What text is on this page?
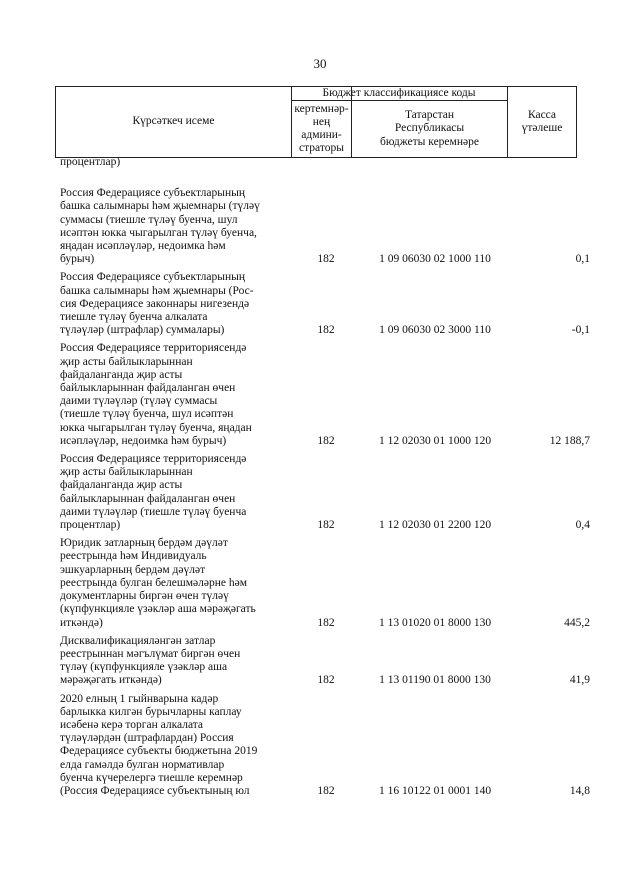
30
Күрсәткеч исеме
Бюджет классификациясе коды
кертемнәр-
нең
админи-
страторы
Татарстан
Республикасы
бюджеты керемнәре
Касса
үтәлеше
процентлар)
Россия Федерациясе субъектларының
башка салымнары һәм җыемнары (түләү
суммасы (тиешле түләү буенча, шул
исәптән юкка чыгарылган түләү буенча,
яңадан исәпләүләр, недоимка һәм
бурыч)	182	1 09 06030 02 1000 110	0,1
Россия Федерациясе субъектларының
башка салымнары һәм җыемнары (Рос-
сия Федерациясе законнары нигезендә
тиешле түләү буенча алкалата
түләүләр (штрафлар) суммалары)	182	1 09 06030 02 3000 110	-0,1
Россия Федерациясе территориясендә
җир асты байлыкларыннан
файдаланганда җир асты
байлыкларыннан файдаланган өчен
даими түләүләр (түләү суммасы
(тиешле түләү буенча, шул исәптән
юкка чыгарылган түләү буенча, яңадан
исәпләүләр, недоимка һәм бурыч)	182	1 12 02030 01 1000 120	12 188,7
Россия Федерациясе территориясендә
җир асты байлыкларыннан
файдаланганда җир асты
байлыкларыннан файдаланган өчен
даими түләүләр (тиешле түләү буенча
процентлар)	182	1 12 02030 01 2200 120	0,4
Юридик затларның бердәм дәүләт
реестрында һәм Индивидуаль
эшкуарларның бердәм дәүләт
реестрында булган белешмәләрне һәм
документларны биргән өчен түләү
(күпфункцияле үзәкләр аша мәрәҗәгать
иткәндә)	182	1 13 01020 01 8000 130	445,2
Дисквалификацияләнгән затлар
реестрыннан мәгълүмат биргән өчен
түләү (күпфункцияле үзәкләр аша
мәрәҗәгать иткәндә)	182	1 13 01190 01 8000 130	41,9
2020 елның 1 гыйнварына кадәр
барлыкка килгән бурычларны каплау
исәбенә керә торган алкалата
түләүләрдән (штрафлардан) Россия
Федерациясе субъекты бюджетына 2019
елда гамәлдә булган нормативлар
буенча күчерелергә тиешле керемнәр
(Россия Федерациясе субъектының юл	182	1 16 10122 01 0001 140	14,8
